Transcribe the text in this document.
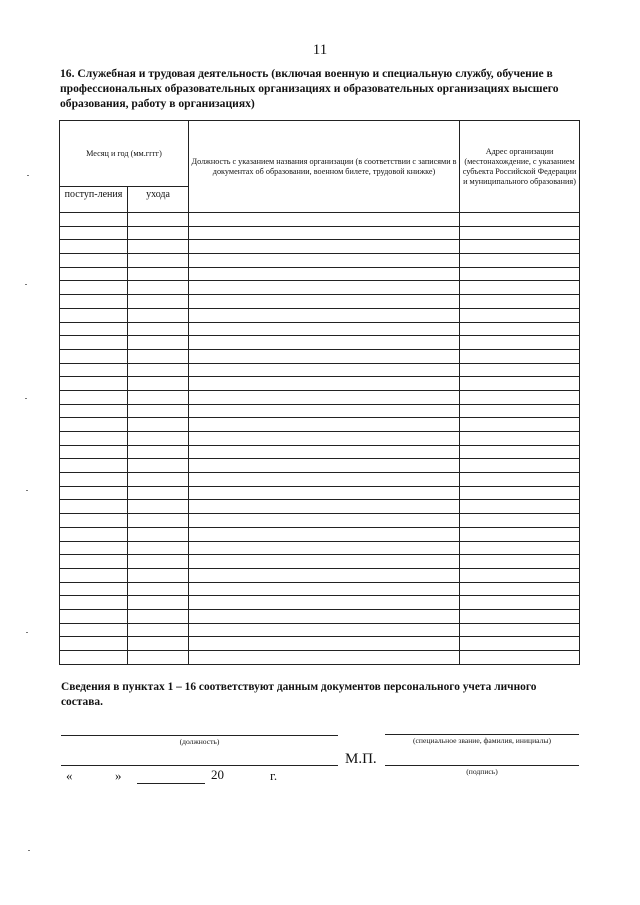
11
16. Служебная и трудовая деятельность (включая военную и специальную службу, обучение в профессиональных образовательных организациях и образовательных организациях высшего образования, работу в организациях)
Месяц и год (мм.гггг)		Должность с указанием названия организации (в соответствии с записями в документах об образовании, военном билете, трудовой книжке)	Адрес организации (местонахождение, с указанием субъекта Российской Федерации и муниципального образования)
поступ-ления	ухода		

Сведения в пунктах 1 – 16 соответствуют данным документов персонального учета личного состава.
(должность)	(специальное звание, фамилия, инициалы)
М.П.
(подпись)
«	»	20	г.
